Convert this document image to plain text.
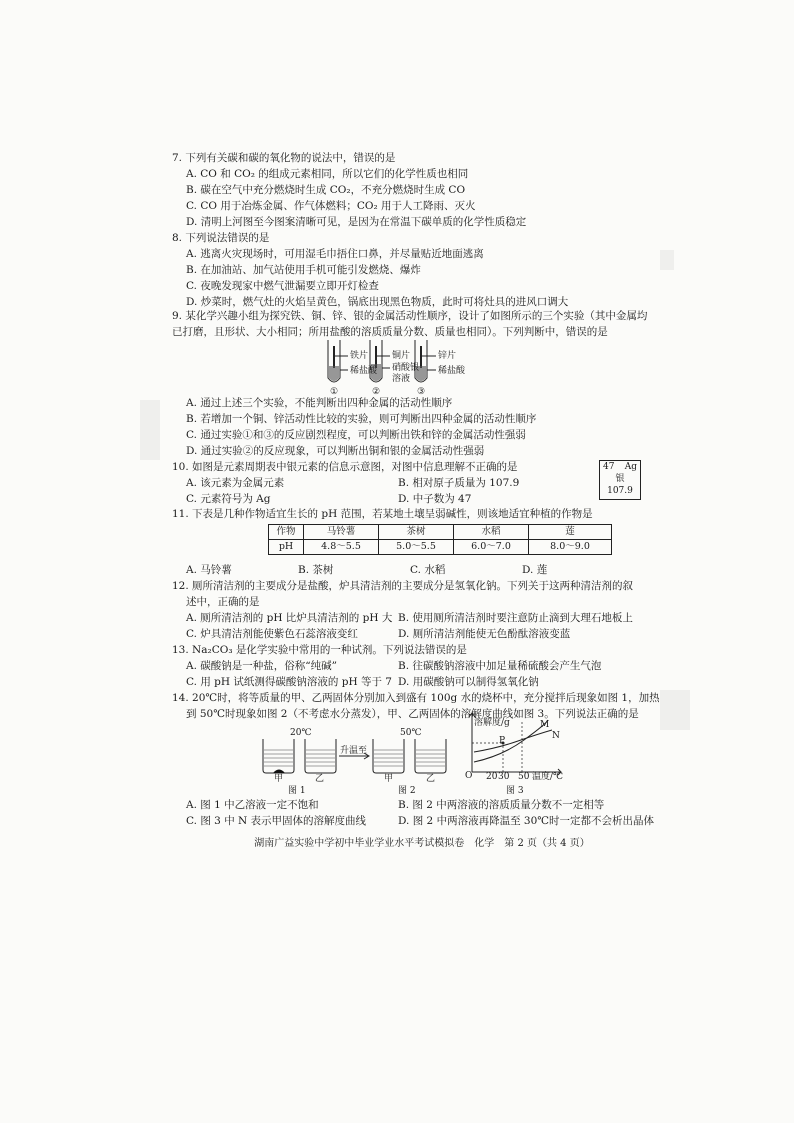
7. 下列有关碳和碳的氧化物的说法中，错误的是
A. CO 和 CO₂ 的组成元素相同，所以它们的化学性质也相同
B. 碳在空气中充分燃烧时生成 CO₂，不充分燃烧时生成 CO
C. CO 用于冶炼金属、作气体燃料；CO₂ 用于人工降雨、灭火
D. 清明上河图至今图案清晰可见，是因为在常温下碳单质的化学性质稳定
8. 下列说法错误的是
A. 逃离火灾现场时，可用湿毛巾捂住口鼻，并尽量贴近地面逃离
B. 在加油站、加气站使用手机可能引发燃烧、爆炸
C. 夜晚发现家中燃气泄漏要立即开灯检查
D. 炒菜时，燃气灶的火焰呈黄色，锅底出现黑色物质，此时可将灶具的进风口调大
9. 某化学兴趣小组为探究铁、铜、锌、银的金属活动性顺序，设计了如图所示的三个实验（其中金属均
已打磨，且形状、大小相同；所用盐酸的溶质质量分数、质量也相同）。下列判断中，错误的是
铁片
稀盐酸
铜片
硝酸银
溶液
锌片
稀盐酸
①	②	③
A. 通过上述三个实验，不能判断出四种金属的活动性顺序
B. 若增加一个铜、锌活动性比较的实验，则可判断出四种金属的活动性顺序
C. 通过实验①和③的反应剧烈程度，可以判断出铁和锌的金属活动性强弱
D. 通过实验②的反应现象，可以判断出铜和银的金属活动性强弱
10. 如图是元素周期表中银元素的信息示意图，对图中信息理解不正确的是
A. 该元素为金属元素	B. 相对原子质量为 107.9
C. 元素符号为 Ag	D. 中子数为 47
47 Ag
银
107.9
11. 下表是几种作物适宜生长的 pH 范围，若某地土壤呈弱碱性，则该地适宜种植的作物是
作物	马铃薯	茶树	水稻	莲
pH	4.8～5.5	5.0～5.5	6.0～7.0	8.0～9.0
A. 马铃薯	B. 茶树	C. 水稻	D. 莲
12. 厕所清洁剂的主要成分是盐酸，炉具清洁剂的主要成分是氢氧化钠。下列关于这两种清洁剂的叙
述中，正确的是
A. 厕所清洁剂的 pH 比炉具清洁剂的 pH 大 B. 使用厕所清洁剂时要注意防止滴到大理石地板上
C. 炉具清洁剂能使紫色石蕊溶液变红	D. 厕所清洁剂能使无色酚酞溶液变蓝
13. Na₂CO₃ 是化学实验中常用的一种试剂。下列说法错误的是
A. 碳酸钠是一种盐，俗称“纯碱”	B. 往碳酸钠溶液中加足量稀硫酸会产生气泡
C. 用 pH 试纸测得碳酸钠溶液的 pH 等于 7 D. 用碳酸钠可以制得氢氧化钠
14. 20℃时，将等质量的甲、乙两固体分别加入到盛有 100g 水的烧杯中，充分搅拌后现象如图 1，加热
到 50℃时现象如图 2（不考虑水分蒸发），甲、乙两固体的溶解度曲线如图 3。下列说法正确的是
20℃	50℃
升温至
甲	乙	甲	乙
图 1	图 2
溶解度/g	M
N
P
O 20 30 50 温度/℃
图 3
A. 图 1 中乙溶液一定不饱和	B. 图 2 中两溶液的溶质质量分数不一定相等
C. 图 3 中 N 表示甲固体的溶解度曲线	D. 图 2 中两溶液再降温至 30℃时一定都不会析出晶体
湖南广益实验中学初中毕业学业水平考试模拟卷　化学　第 2 页（共 4 页）
